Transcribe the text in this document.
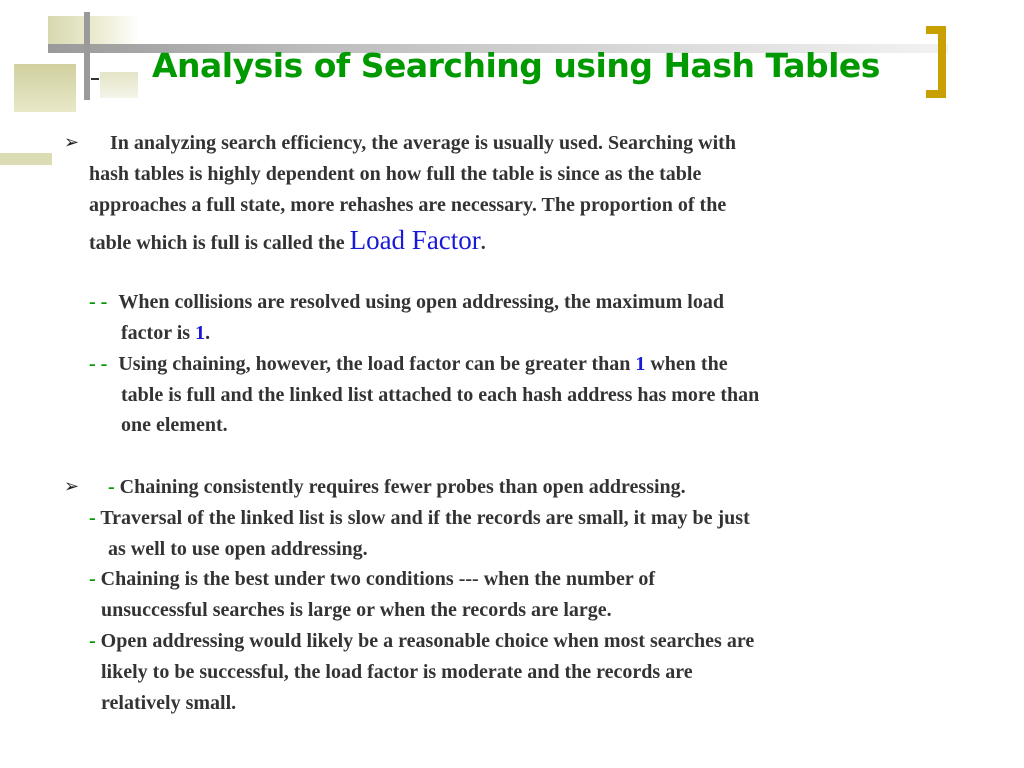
Analysis of Searching using Hash Tables
➢ In analyzing search efficiency, the average is usually used. Searching with
hash tables is highly dependent on how full the table is since as the table
approaches a full state, more rehashes are necessary. The proportion of the
table which is full is called the Load Factor.
- - When collisions are resolved using open addressing, the maximum load
factor is 1.
- - Using chaining, however, the load factor can be greater than 1 when the
table is full and the linked list attached to each hash address has more than
one element.
➢ - Chaining consistently requires fewer probes than open addressing.
- Traversal of the linked list is slow and if the records are small, it may be just
as well to use open addressing.
- Chaining is the best under two conditions --- when the number of
unsuccessful searches is large or when the records are large.
- Open addressing would likely be a reasonable choice when most searches are
likely to be successful, the load factor is moderate and the records are
relatively small.
